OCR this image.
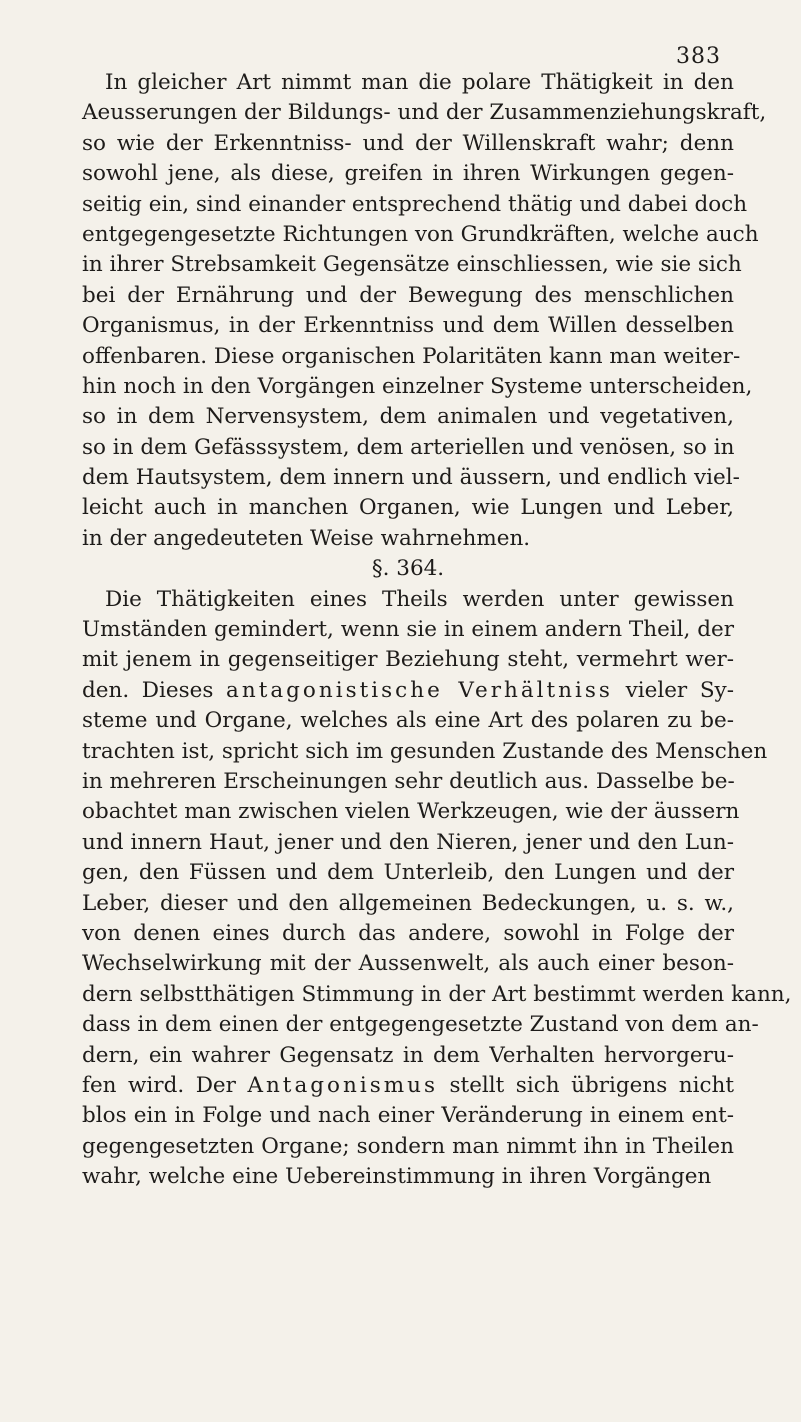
383
In gleicher Art nimmt man die polare Thätigkeit in den
Aeusserungen der Bildungs- und der Zusammenziehungskraft,
so wie der Erkenntniss- und der Willenskraft wahr; denn
sowohl jene, als diese, greifen in ihren Wirkungen gegen-
seitig ein, sind einander entsprechend thätig und dabei doch
entgegengesetzte Richtungen von Grundkräften, welche auch
in ihrer Strebsamkeit Gegensätze einschliessen, wie sie sich
bei der Ernährung und der Bewegung des menschlichen
Organismus, in der Erkenntniss und dem Willen desselben
offenbaren. Diese organischen Polaritäten kann man weiter-
hin noch in den Vorgängen einzelner Systeme unterscheiden,
so in dem Nervensystem, dem animalen und vegetativen,
so in dem Gefässsystem, dem arteriellen und venösen, so in
dem Hautsystem, dem innern und äussern, und endlich viel-
leicht auch in manchen Organen, wie Lungen und Leber,
in der angedeuteten Weise wahrnehmen.
§. 364.
Die Thätigkeiten eines Theils werden unter gewissen
Umständen gemindert, wenn sie in einem andern Theil, der
mit jenem in gegenseitiger Beziehung steht, vermehrt wer-
den. Dieses antagonistische Verhältniss vieler Sy-
steme und Organe, welches als eine Art des polaren zu be-
trachten ist, spricht sich im gesunden Zustande des Menschen
in mehreren Erscheinungen sehr deutlich aus. Dasselbe be-
obachtet man zwischen vielen Werkzeugen, wie der äussern
und innern Haut, jener und den Nieren, jener und den Lun-
gen, den Füssen und dem Unterleib, den Lungen und der
Leber, dieser und den allgemeinen Bedeckungen, u. s. w.,
von denen eines durch das andere, sowohl in Folge der
Wechselwirkung mit der Aussenwelt, als auch einer beson-
dern selbstthätigen Stimmung in der Art bestimmt werden kann,
dass in dem einen der entgegengesetzte Zustand von dem an-
dern, ein wahrer Gegensatz in dem Verhalten hervorgeru-
fen wird. Der Antagonismus stellt sich übrigens nicht
blos ein in Folge und nach einer Veränderung in einem ent-
gegengesetzten Organe; sondern man nimmt ihn in Theilen
wahr, welche eine Uebereinstimmung in ihren Vorgängen
